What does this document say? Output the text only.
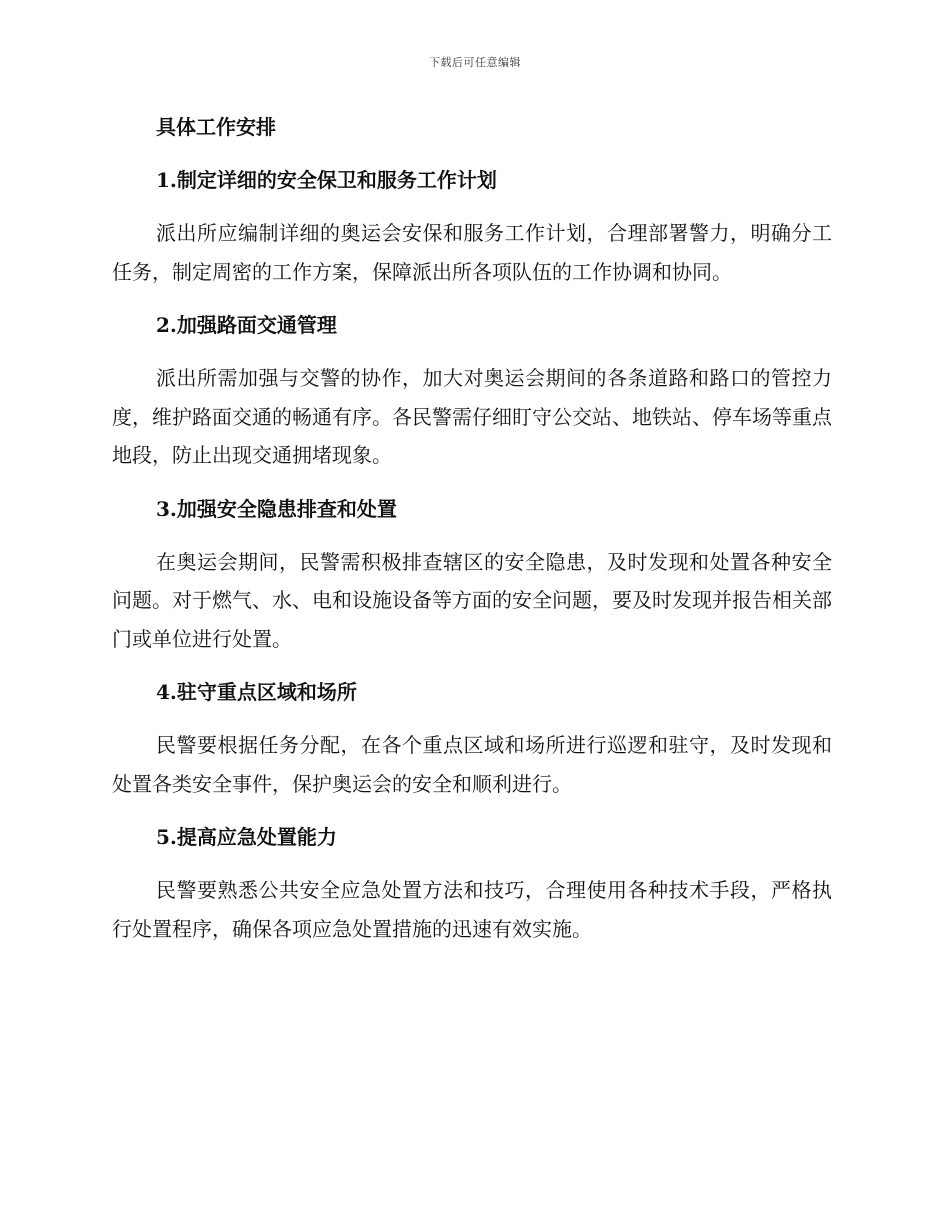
下载后可任意编辑

具体工作安排

1.制定详细的安全保卫和服务工作计划

派出所应编制详细的奥运会安保和服务工作计划，合理部署警力，明确分工任务，制定周密的工作方案，保障派出所各项队伍的工作协调和协同。

2.加强路面交通管理

派出所需加强与交警的协作，加大对奥运会期间的各条道路和路口的管控力度，维护路面交通的畅通有序。各民警需仔细盯守公交站、地铁站、停车场等重点地段，防止出现交通拥堵现象。

3.加强安全隐患排查和处置

在奥运会期间，民警需积极排查辖区的安全隐患，及时发现和处置各种安全问题。对于燃气、水、电和设施设备等方面的安全问题，要及时发现并报告相关部门或单位进行处置。

4.驻守重点区域和场所

民警要根据任务分配，在各个重点区域和场所进行巡逻和驻守，及时发现和处置各类安全事件，保护奥运会的安全和顺利进行。

5.提高应急处置能力

民警要熟悉公共安全应急处置方法和技巧，合理使用各种技术手段，严格执行处置程序，确保各项应急处置措施的迅速有效实施。
